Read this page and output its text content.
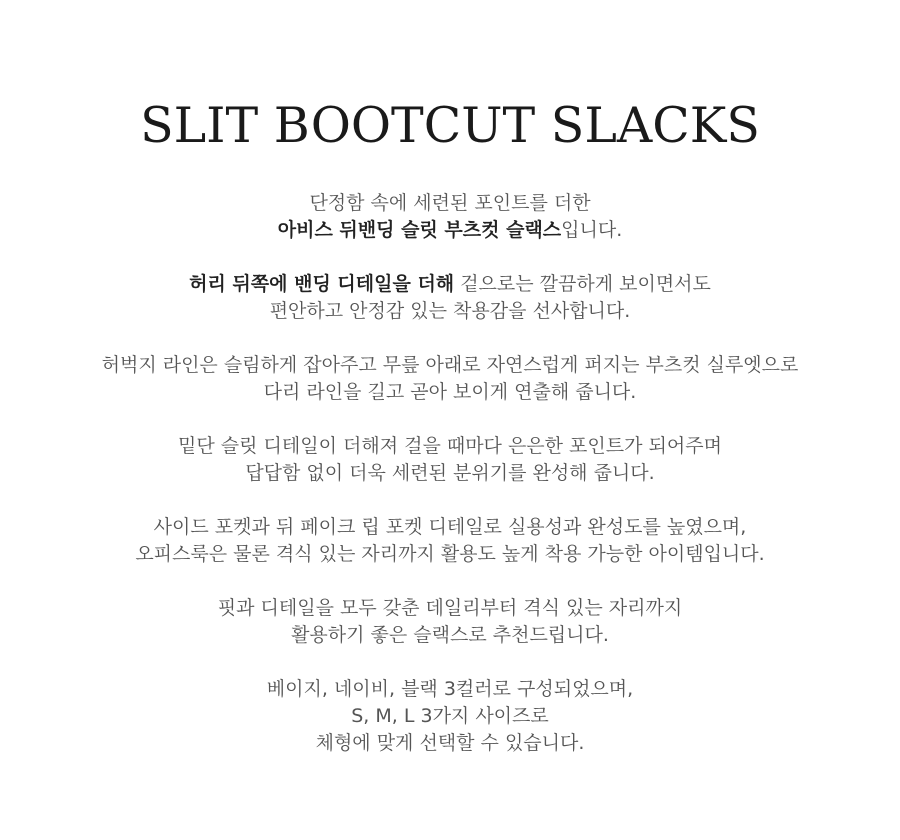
SLIT BOOTCUT SLACKS
단정함 속에 세련된 포인트를 더한
아비스 뒤밴딩 슬릿 부츠컷 슬랙스입니다.
허리 뒤쪽에 밴딩 디테일을 더해 겉으로는 깔끔하게 보이면서도
편안하고 안정감 있는 착용감을 선사합니다.
허벅지 라인은 슬림하게 잡아주고 무릎 아래로 자연스럽게 퍼지는 부츠컷 실루엣으로
다리 라인을 길고 곧아 보이게 연출해 줍니다.
밑단 슬릿 디테일이 더해져 걸을 때마다 은은한 포인트가 되어주며
답답함 없이 더욱 세련된 분위기를 완성해 줍니다.
사이드 포켓과 뒤 페이크 립 포켓 디테일로 실용성과 완성도를 높였으며,
오피스룩은 물론 격식 있는 자리까지 활용도 높게 착용 가능한 아이템입니다.
핏과 디테일을 모두 갖춘 데일리부터 격식 있는 자리까지
활용하기 좋은 슬랙스로 추천드립니다.
베이지, 네이비, 블랙 3컬러로 구성되었으며,
S, M, L 3가지 사이즈로
체형에 맞게 선택할 수 있습니다.
